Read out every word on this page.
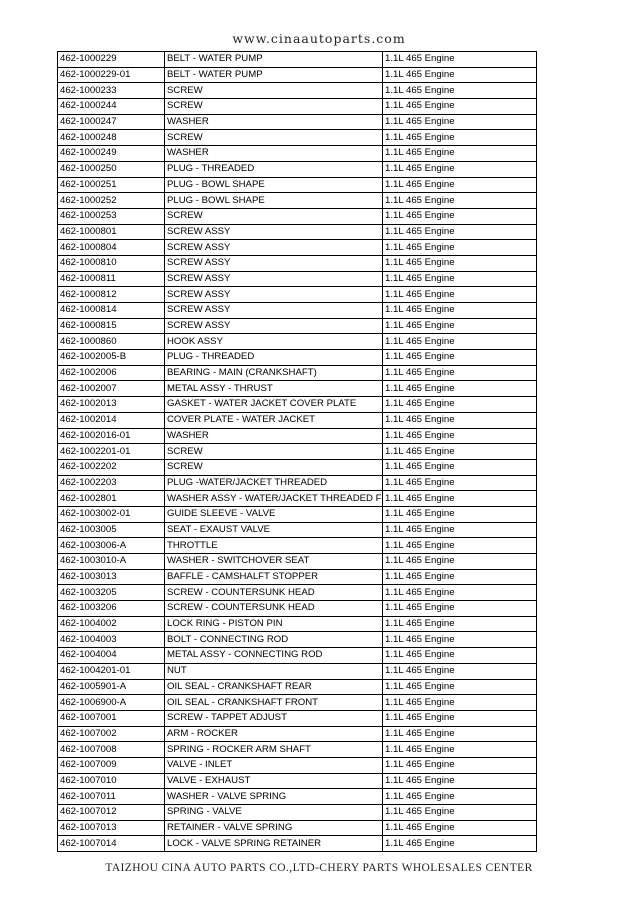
www.cinaautoparts.com
462-1000229	BELT - WATER PUMP	1.1L 465 Engine
462-1000229-01	BELT - WATER PUMP	1.1L 465 Engine
462-1000233	SCREW	1.1L 465 Engine
462-1000244	SCREW	1.1L 465 Engine
462-1000247	WASHER	1.1L 465 Engine
462-1000248	SCREW	1.1L 465 Engine
462-1000249	WASHER	1.1L 465 Engine
462-1000250	PLUG - THREADED	1.1L 465 Engine
462-1000251	PLUG - BOWL SHAPE	1.1L 465 Engine
462-1000252	PLUG - BOWL SHAPE	1.1L 465 Engine
462-1000253	SCREW	1.1L 465 Engine
462-1000801	SCREW ASSY	1.1L 465 Engine
462-1000804	SCREW ASSY	1.1L 465 Engine
462-1000810	SCREW ASSY	1.1L 465 Engine
462-1000811	SCREW ASSY	1.1L 465 Engine
462-1000812	SCREW ASSY	1.1L 465 Engine
462-1000814	SCREW ASSY	1.1L 465 Engine
462-1000815	SCREW ASSY	1.1L 465 Engine
462-1000860	HOOK ASSY	1.1L 465 Engine
462-1002005-B	PLUG - THREADED	1.1L 465 Engine
462-1002006	BEARING - MAIN (CRANKSHAFT)	1.1L 465 Engine
462-1002007	METAL ASSY - THRUST	1.1L 465 Engine
462-1002013	GASKET - WATER JACKET COVER PLATE	1.1L 465 Engine
462-1002014	COVER PLATE - WATER JACKET	1.1L 465 Engine
462-1002016-01	WASHER	1.1L 465 Engine
462-1002201-01	SCREW	1.1L 465 Engine
462-1002202	SCREW	1.1L 465 Engine
462-1002203	PLUG -WATER/JACKET THREADED	1.1L 465 Engine
462-1002801	WASHER ASSY - WATER/JACKET THREADED F	1.1L 465 Engine
462-1003002-01	GUIDE SLEEVE - VALVE	1.1L 465 Engine
462-1003005	SEAT - EXAUST VALVE	1.1L 465 Engine
462-1003006-A	THROTTLE	1.1L 465 Engine
462-1003010-A	WASHER - SWITCHOVER SEAT	1.1L 465 Engine
462-1003013	BAFFLE - CAMSHALFT STOPPER	1.1L 465 Engine
462-1003205	SCREW - COUNTERSUNK HEAD	1.1L 465 Engine
462-1003206	SCREW - COUNTERSUNK HEAD	1.1L 465 Engine
462-1004002	LOCK RING - PISTON PIN	1.1L 465 Engine
462-1004003	BOLT - CONNECTING ROD	1.1L 465 Engine
462-1004004	METAL ASSY - CONNECTING ROD	1.1L 465 Engine
462-1004201-01	NUT	1.1L 465 Engine
462-1005901-A	OIL SEAL - CRANKSHAFT REAR	1.1L 465 Engine
462-1006900-A	OIL SEAL - CRANKSHAFT FRONT	1.1L 465 Engine
462-1007001	SCREW - TAPPET ADJUST	1.1L 465 Engine
462-1007002	ARM - ROCKER	1.1L 465 Engine
462-1007008	SPRING - ROCKER ARM SHAFT	1.1L 465 Engine
462-1007009	VALVE - INLET	1.1L 465 Engine
462-1007010	VALVE - EXHAUST	1.1L 465 Engine
462-1007011	WASHER - VALVE SPRING	1.1L 465 Engine
462-1007012	SPRING - VALVE	1.1L 465 Engine
462-1007013	RETAINER - VALVE SPRING	1.1L 465 Engine
462-1007014	LOCK - VALVE SPRING RETAINER	1.1L 465 Engine
TAIZHOU CINA AUTO PARTS CO.,LTD-CHERY PARTS WHOLESALES CENTER
